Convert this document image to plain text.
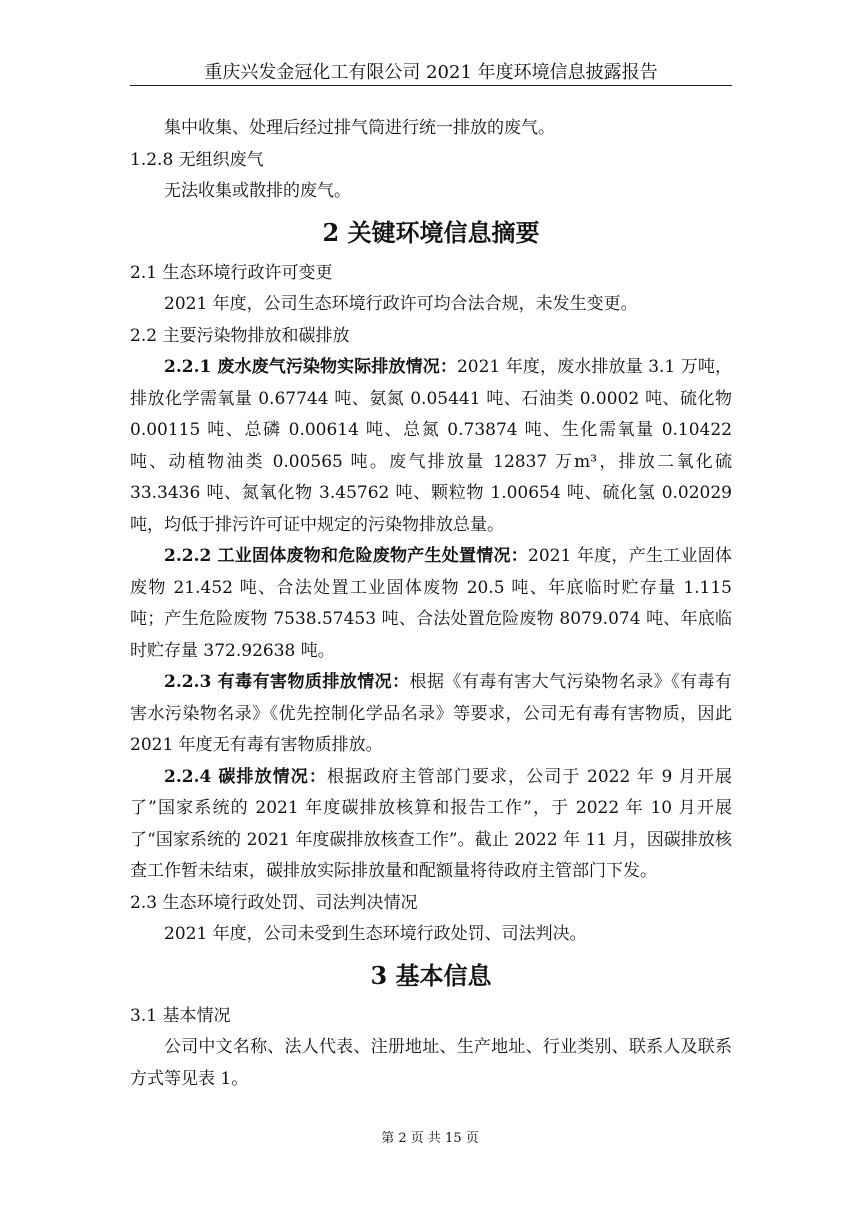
重庆兴发金冠化工有限公司 2021 年度环境信息披露报告

集中收集、处理后经过排气筒进行统一排放的废气。

1.2.8 无组织废气

无法收集或散排的废气。

2 关键环境信息摘要

2.1 生态环境行政许可变更

2021 年度，公司生态环境行政许可均合法合规，未发生变更。

2.2 主要污染物排放和碳排放

2.2.1 废水废气污染物实际排放情况：2021 年度，废水排放量 3.1 万吨，排放化学需氧量 0.67744 吨、氨氮 0.05441 吨、石油类 0.0002 吨、硫化物 0.00115 吨、总磷 0.00614 吨、总氮 0.73874 吨、生化需氧量 0.10422 吨、动植物油类 0.00565 吨。废气排放量 12837 万m³，排放二氧化硫 33.3436 吨、氮氧化物 3.45762 吨、颗粒物 1.00654 吨、硫化氢 0.02029 吨，均低于排污许可证中规定的污染物排放总量。

2.2.2 工业固体废物和危险废物产生处置情况：2021 年度，产生工业固体废物 21.452 吨、合法处置工业固体废物 20.5 吨、年底临时贮存量 1.115 吨；产生危险废物 7538.57453 吨、合法处置危险废物 8079.074 吨、年底临时贮存量 372.92638 吨。

2.2.3 有毒有害物质排放情况：根据《有毒有害大气污染物名录》《有毒有害水污染物名录》《优先控制化学品名录》等要求，公司无有毒有害物质，因此 2021 年度无有毒有害物质排放。

2.2.4 碳排放情况：根据政府主管部门要求，公司于 2022 年 9 月开展了”国家系统的 2021 年度碳排放核算和报告工作”，于 2022 年 10 月开展了“国家系统的 2021 年度碳排放核查工作”。截止 2022 年 11 月，因碳排放核查工作暂未结束，碳排放实际排放量和配额量将待政府主管部门下发。

2.3 生态环境行政处罚、司法判决情况

2021 年度，公司未受到生态环境行政处罚、司法判决。

3 基本信息

3.1 基本情况

公司中文名称、法人代表、注册地址、生产地址、行业类别、联系人及联系方式等见表 1。

第 2 页 共 15 页
